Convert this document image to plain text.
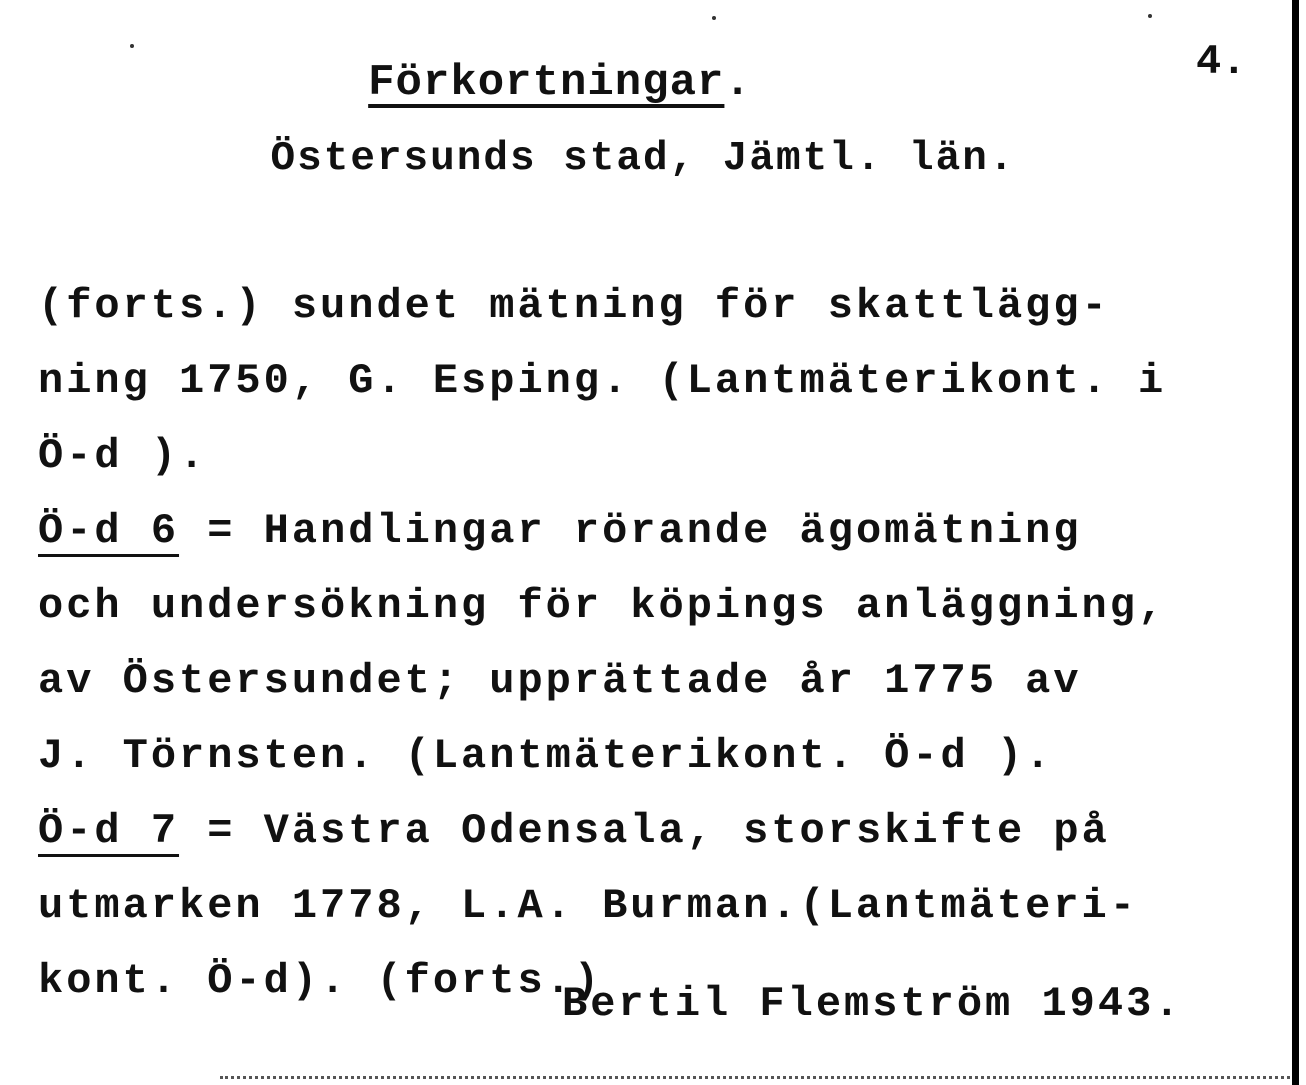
Förkortningar.	4.
Östersunds stad, Jämtl. län.
(forts.) sundet mätning för skattlägg-
ning 1750, G. Esping. (Lantmäterikont. i
Ö-d ).
Ö-d 6 = Handlingar rörande ägomätning
och undersökning för köpings anläggning,
av Östersundet; upprättade år 1775 av
J. Törnsten. (Lantmäterikont. Ö-d ).
Ö-d 7 = Västra Odensala, storskifte på
utmarken 1778, L.A. Burman.(Lantmäteri-
kont. Ö-d). (forts.)
Bertil Flemström 1943.
